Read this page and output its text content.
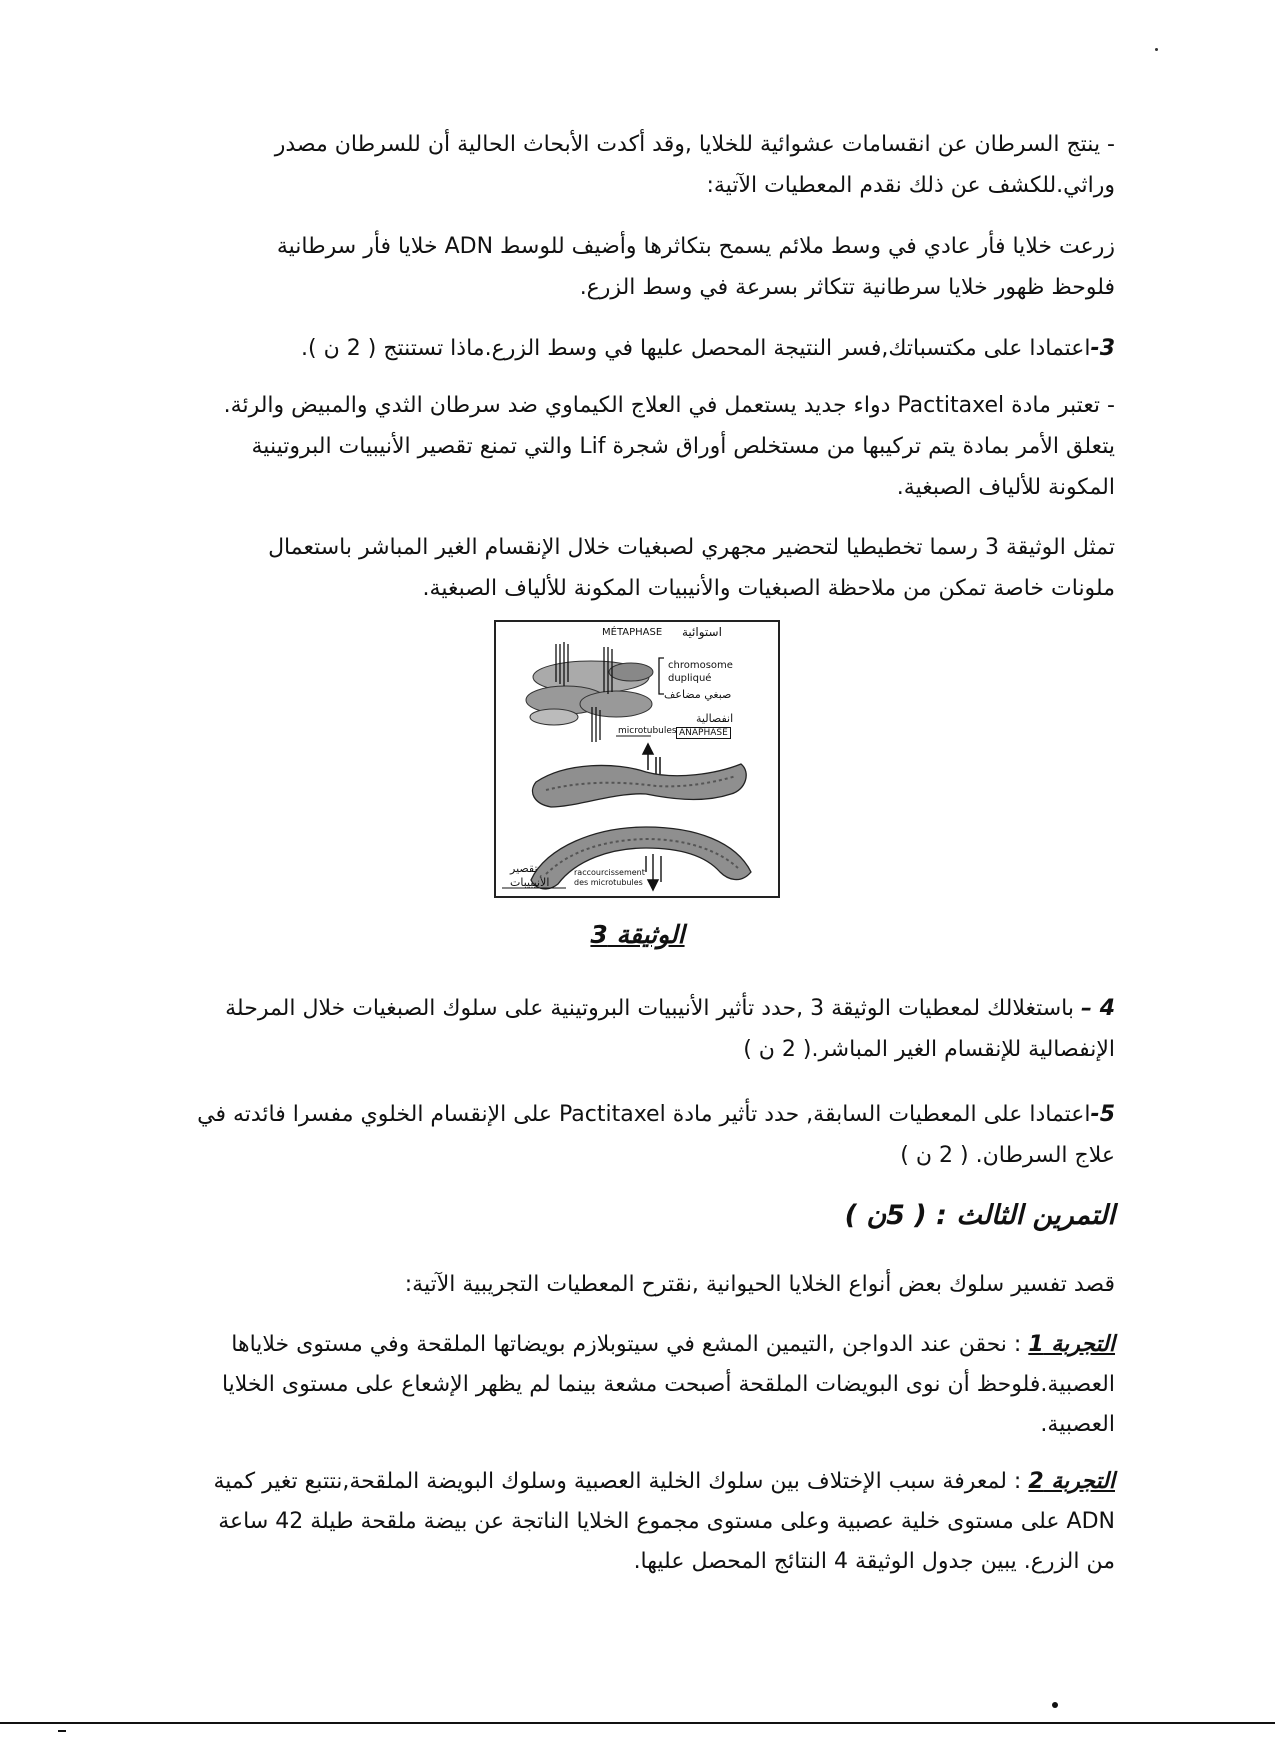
- ينتج السرطان عن انقسامات عشوائية للخلايا ,وقد أكدت الأبحاث الحالية أن للسرطان مصدر

وراثي.للكشف عن ذلك نقدم المعطيات الآتية:

زرعت خلايا فأر عادي في وسط ملائم يسمح بتكاثرها وأضيف للوسط ADN خلايا فأر سرطانية

فلوحظ ظهور خلايا سرطانية تتكاثر بسرعة في وسط الزرع.

3-اعتمادا على مكتسباتك,فسر النتيجة المحصل عليها في وسط الزرع.ماذا تستنتج ( 2 ن ).

- تعتبر مادة Pactitaxel دواء جديد يستعمل في العلاج الكيماوي ضد سرطان الثدي والمبيض والرئة.

يتعلق الأمر بمادة يتم تركيبها من مستخلص أوراق شجرة Lif والتي تمنع تقصير الأنيبيات البروتينية

المكونة للألياف الصبغية.

تمثل الوثيقة 3 رسما تخطيطيا لتحضير مجهري لصبغيات خلال الإنقسام الغير المباشر باستعمال

ملونات خاصة تمكن من ملاحظة الصبغيات والأنيبيات المكونة للألياف الصبغية.

MÉTAPHASE استوائية
chromosome
dupliqué
صبغي مضاعف
انفصالية
microtubules ANAPHASE
raccourcissement
des microtubules
تقصير
الأنيبيبات
الوثيقة 3

4 – باستغلالك لمعطيات الوثيقة 3 ,حدد تأثير الأنيبيات البروتينية على سلوك الصبغيات خلال المرحلة

الإنفصالية للإنقسام الغير المباشر.( 2 ن )

5-اعتمادا على المعطيات السابقة, حدد تأثير مادة Pactitaxel على الإنقسام الخلوي مفسرا فائدته في

علاج السرطان. ( 2 ن )

التمرين الثالث : ( 5ن )

قصد تفسير سلوك بعض أنواع الخلايا الحيوانية ,نقترح المعطيات التجريبية الآتية:

التجربة 1 : نحقن عند الدواجن ,التيمين المشع في سيتوبلازم بويضاتها الملقحة وفي مستوى خلاياها

العصبية.فلوحظ أن نوى البويضات الملقحة أصبحت مشعة بينما لم يظهر الإشعاع على مستوى الخلايا

العصبية.

التجربة 2 : لمعرفة سبب الإختلاف بين سلوك الخلية العصبية وسلوك البويضة الملقحة,نتتبع تغير كمية

ADN على مستوى خلية عصبية وعلى مستوى مجموع الخلايا الناتجة عن بيضة ملقحة طيلة 42 ساعة

من الزرع. يبين جدول الوثيقة 4 النتائج المحصل عليها.
